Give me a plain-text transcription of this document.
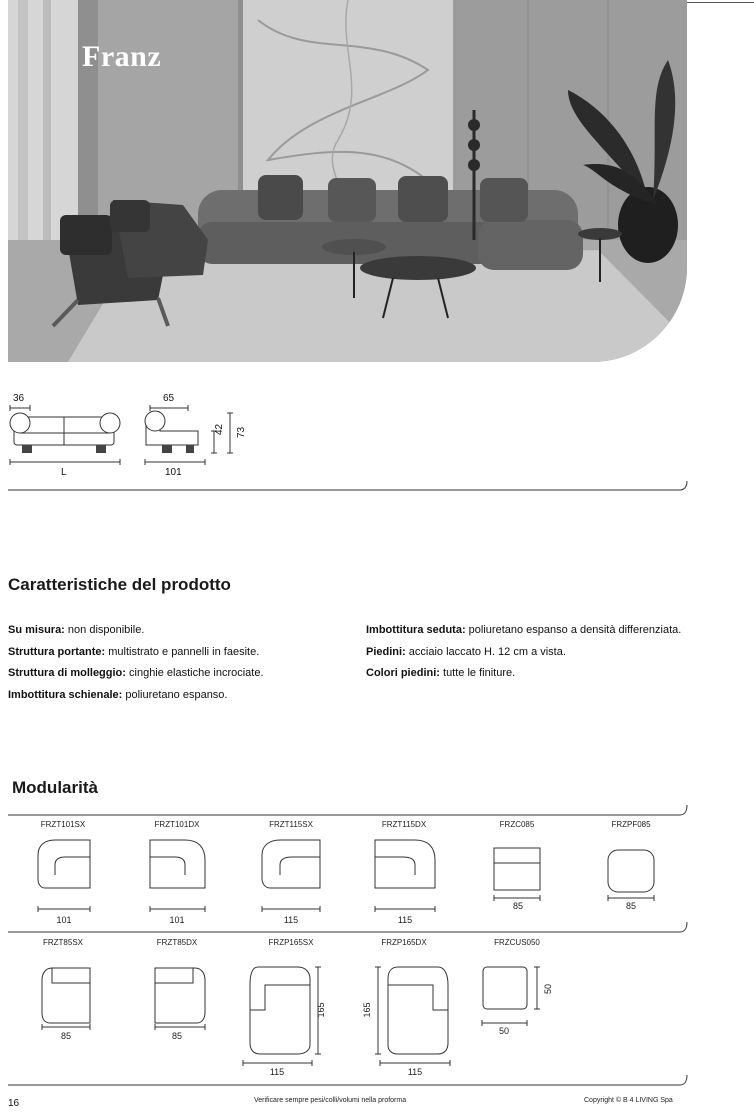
Franz
36
L
65
101
42 73
Caratteristiche del prodotto
Su misura: non disponibile.
Struttura portante: multistrato e pannelli in faesite.
Struttura di molleggio: cinghie elastiche incrociate.
Imbottitura schienale: poliuretano espanso.
Imbottitura seduta: poliuretano espanso a densità differenziata.
Piedini: acciaio laccato H. 12 cm a vista.
Colori piedini: tutte le finiture.
Modularità
FRZT101SX	FRZT101DX	FRZT115SX	FRZT115DX	FRZC085	FRZPF085
101	101	115	115
85	85
FRZT85SX	FRZT85DX	FRZP165SX	FRZP165DX	FRZCUS050
85	85
115	115
50
165	165
50
16	Verificare sempre pesi/colli/volumi nella proforma	Copyright © B 4 LIVING Spa
